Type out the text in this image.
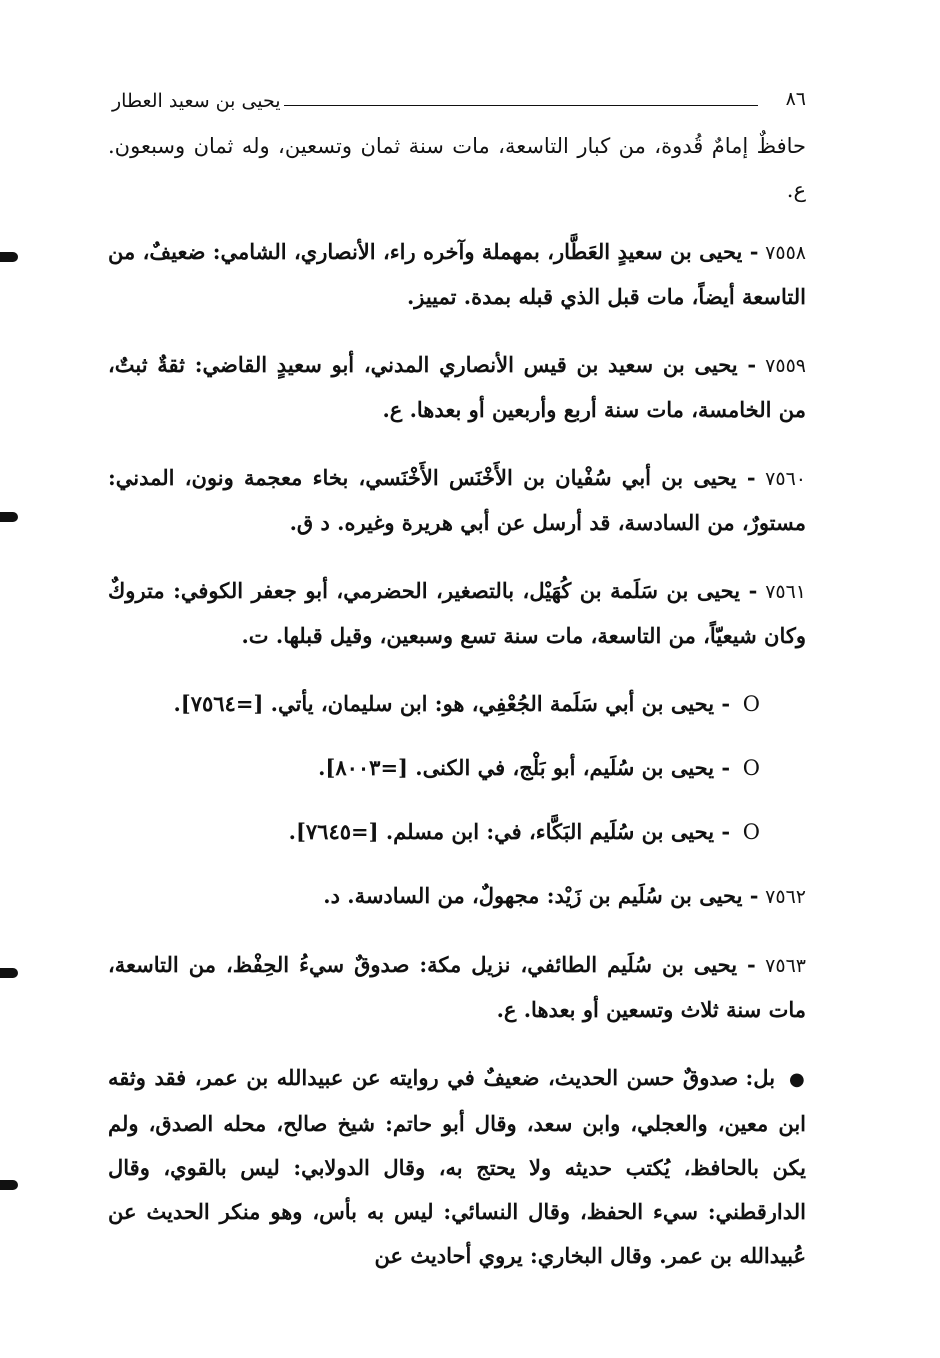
٨٦
يحيى بن سعيد العطار

حافظٌ إمامٌ قُدوة، من كبار التاسعة، مات سنة ثمان وتسعين، وله ثمان وسبعون. ع.

٧٥٥٨ - يحيى بن سعيدٍ العَطَّار، بمهملة وآخره راء، الأنصاري، الشامي: ضعيفٌ، من التاسعة أيضاً، مات قبل الذي قبله بمدة. تمييز.

٧٥٥٩ - يحيى بن سعيد بن قيس الأنصاري المدني، أبو سعيدٍ القاضي: ثقةٌ ثبتٌ، من الخامسة، مات سنة أربع وأربعين أو بعدها. ع.

٧٥٦٠ - يحيى بن أبي سُفْيان بن الأَخْنَس الأَخْنَسي، بخاء معجمة ونون، المدني: مستورٌ، من السادسة، قد أرسل عن أبي هريرة وغيره. د ق.

٧٥٦١ - يحيى بن سَلَمة بن كُهَيْل، بالتصغير، الحضرمي، أبو جعفر الكوفي: متروكٌ وكان شيعيّاً، من التاسعة، مات سنة تسع وسبعين، وقيل قبلها. ت.

O - يحيى بن أبي سَلَمة الجُعْفِي، هو: ابن سليمان، يأتي. [=٧٥٦٤].

O - يحيى بن سُلَيم، أبو بَلْج، في الكنى. [=٨٠٠٣].

O - يحيى بن سُلَيم البَكَّاء، في: ابن مسلم. [=٧٦٤٥].

٧٥٦٢ - يحيى بن سُلَيم بن زَيْد: مجهولٌ، من السادسة. د.

٧٥٦٣ - يحيى بن سُلَيم الطائفي، نزيل مكة: صدوقٌ سيءُ الحِفْظ، من التاسعة، مات سنة ثلاث وتسعين أو بعدها. ع.

● بل: صدوقٌ حسن الحديث، ضعيفٌ في روايته عن عبيدالله بن عمر، فقد وثقه ابن معين، والعجلي، وابن سعد، وقال أبو حاتم: شيخ صالح، محله الصدق، ولم يكن بالحافظ، يُكتب حديثه ولا يحتج به، وقال الدولابي: ليس بالقوي، وقال الدارقطني: سيء الحفظ، وقال النسائي: ليس به بأس، وهو منكر الحديث عن عُبيدالله بن عمر. وقال البخاري: يروي أحاديث عن
